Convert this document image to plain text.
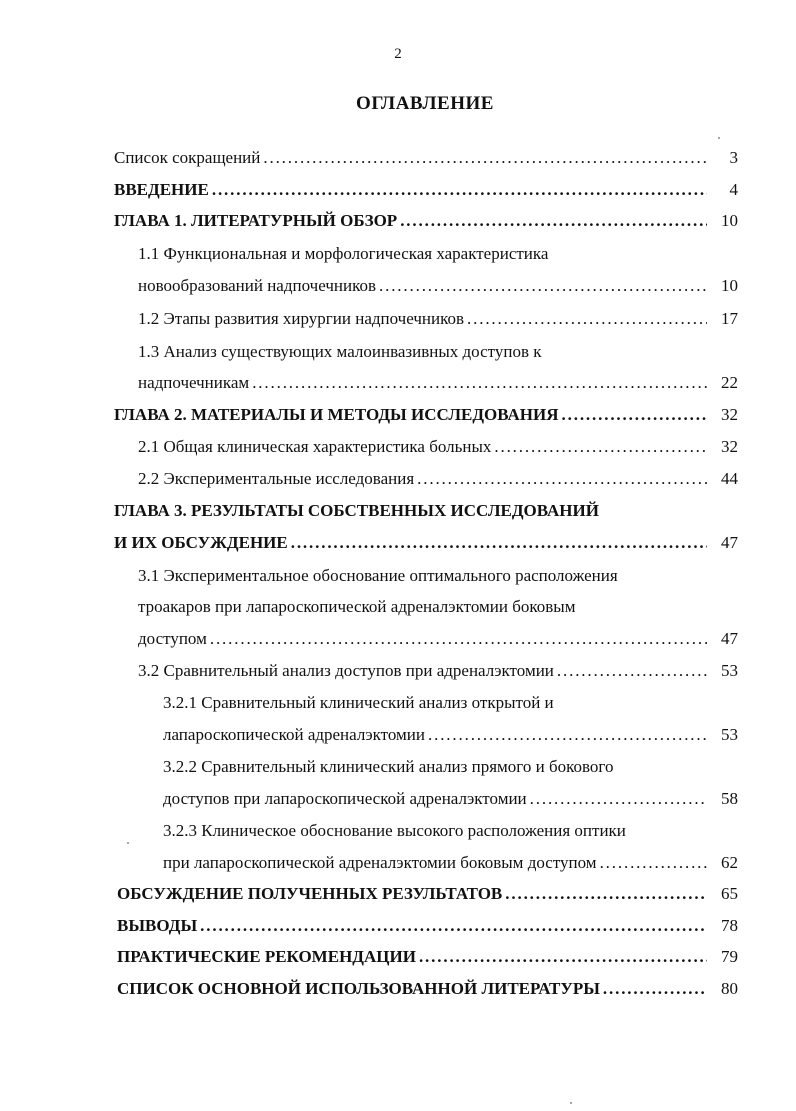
2
ОГЛАВЛЕНИЕ
Список сокращений . . .	3
ВВЕДЕНИЕ . . .	4
ГЛАВА 1. ЛИТЕРАТУРНЫЙ ОБЗОР . . .	10
1.1 Функциональная и морфологическая характеристика
новообразований надпочечников . . .	10
1.2 Этапы развития хирургии надпочечников . . .	17
1.3 Анализ существующих малоинвазивных доступов к
надпочечникам . . .	22
ГЛАВА 2. МАТЕРИАЛЫ И МЕТОДЫ ИССЛЕДОВАНИЯ . . .	32
2.1 Общая клиническая характеристика больных . . .	32
2.2 Экспериментальные исследования . . .	44
ГЛАВА 3. РЕЗУЛЬТАТЫ СОБСТВЕННЫХ ИССЛЕДОВАНИЙ
И ИХ ОБСУЖДЕНИЕ . . .	47
3.1 Экспериментальное обоснование оптимального расположения
троакаров при лапароскопической адреналэктомии боковым
доступом . . .	47
3.2 Сравнительный анализ доступов при адреналэктомии . . .	53
3.2.1 Сравнительный клинический анализ открытой и
лапароскопической адреналэктомии . . .	53
3.2.2 Сравнительный клинический анализ прямого и бокового
доступов при лапароскопической адреналэктомии . . .	58
3.2.3 Клиническое обоснование высокого расположения оптики
при лапароскопической адреналэктомии боковым доступом . . .	62
ОБСУЖДЕНИЕ ПОЛУЧЕННЫХ РЕЗУЛЬТАТОВ . . .	65
ВЫВОДЫ . . .	78
ПРАКТИЧЕСКИЕ РЕКОМЕНДАЦИИ . . .	79
СПИСОК ОСНОВНОЙ ИСПОЛЬЗОВАННОЙ ЛИТЕРАТУРЫ . . .	80
